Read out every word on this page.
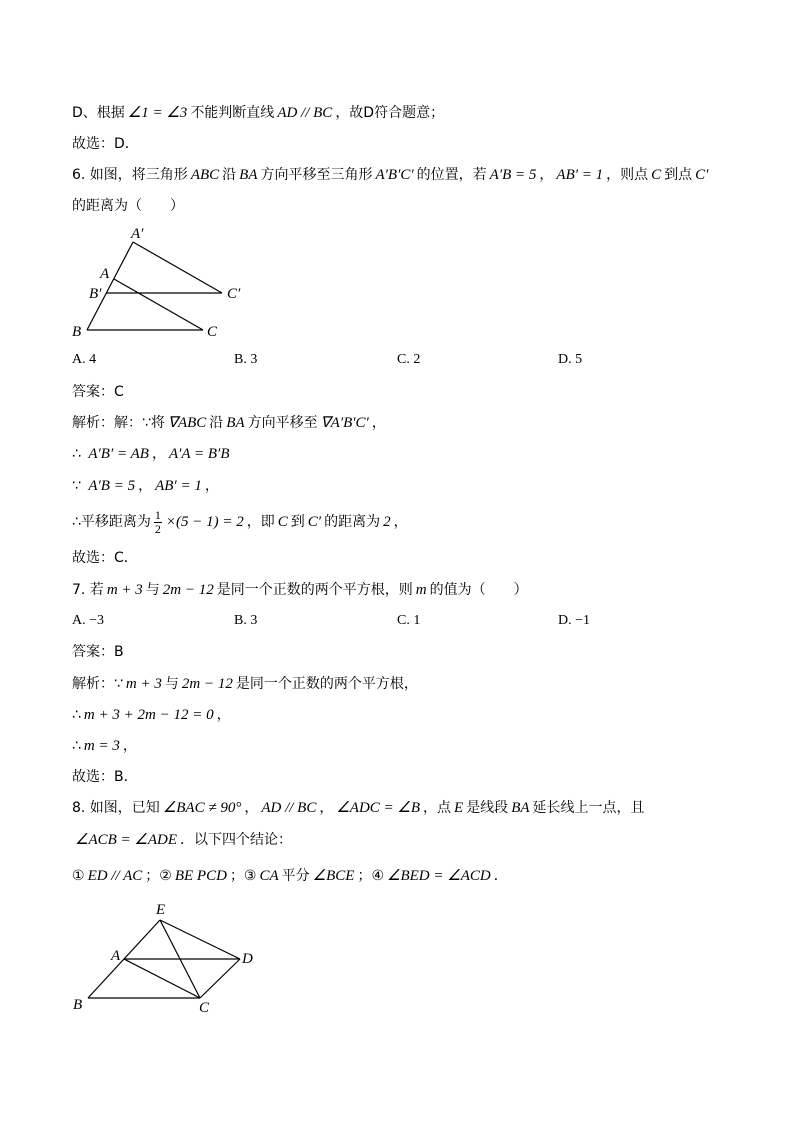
D、根据 ∠1 = ∠3 不能判断直线 AD // BC ，故D符合题意；
故选：D．
6. 如图，将三角形 ABC 沿 BA 方向平移至三角形 A′B′C′ 的位置，若 A′B = 5 ， AB′ = 1 ，则点 C 到点 C′
的距离为（　　）
A′
A
B′	C′
B	C
A. 4	B. 3	C. 2	D. 5
答案：C
解析：解：∵将 ∇ABC 沿 BA 方向平移至 ∇A′B′C′ ，
∴ A′B′ = AB ， A′A = B′B
∵ A′B = 5 ， AB′ = 1 ，
∴平移距离为 $\frac{1}{2} \times(5 - 1) = 2$ ，即 C 到 C′ 的距离为 2 ，
故选：C．
7. 若 m + 3 与 2m − 12 是同一个正数的两个平方根，则 m 的值为（　　）
A. −3	B. 3	C. 1	D. −1
答案：B
解析：∵ m + 3 与 2m − 12 是同一个正数的两个平方根，
∴ m + 3 + 2m − 12 = 0 ，
∴ m = 3 ，
故选：B．
8. 如图，已知 ∠BAC ≠ 90° ， AD // BC ， ∠ADC = ∠B ，点 E 是线段 BA 延长线上一点，且
∠ACB = ∠ADE ．以下四个结论：
① ED // AC ；② BE PCD ；③ CA 平分 ∠BCE ；④ ∠BED = ∠ACD ．
E
A	D
B	C
